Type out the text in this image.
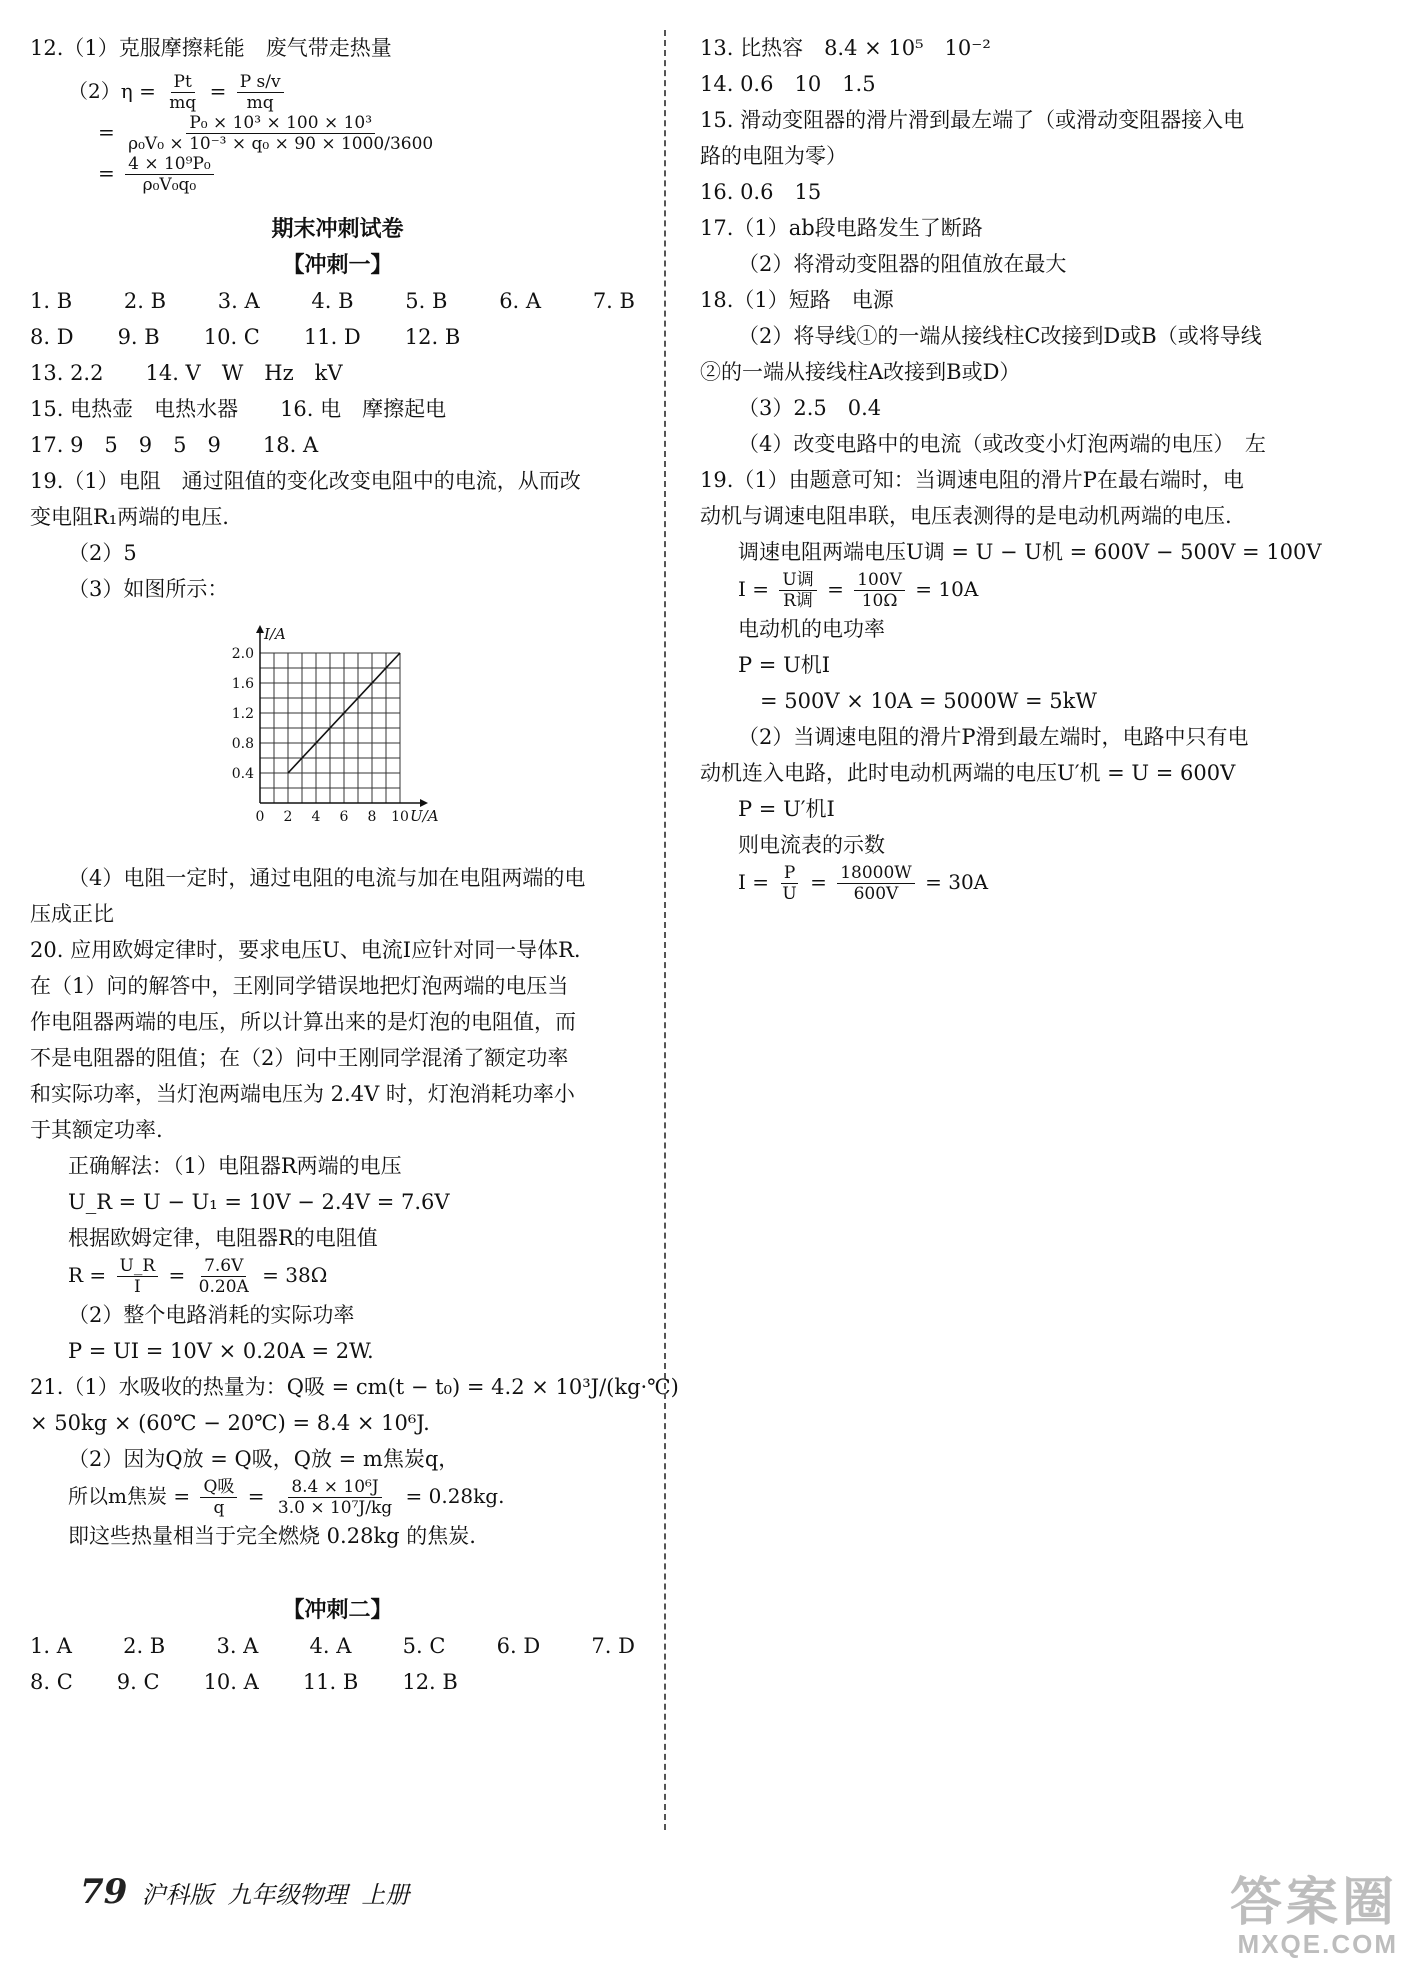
12.（1）克服摩擦耗能　废气带走热量
$(2)\eta = \frac{Pt}{mq} = \frac{\text{P s/v}}{mq}$
= $\frac{\text{P₀ × 10³ × 100 × 10³}}{\text{ρ₀V₀ × 10⁻³ × q₀ × 90 × 1000/3600}}$
= $\frac{\text{4 × 10⁹P₀}}{\text{ρ₀V₀q₀}}$
期末冲刺试卷
【冲刺一】
1. B 2. B 3. A 4. B 5. B 6. A 7. B
8. D 9. B 10. C 11. D 12. B
13. 2.2　　14. V　W　Hz　kV
15. 电热壶　电热水器　　16. 电　摩擦起电
17. 9　5　9　5　9　　18. A
19.（1）电阻　通过阻值的变化改变电阻中的电流，从而改
变电阻R₁两端的电压.
（2）5
（3）如图所示：
0 2 4 6 8 10
0.4
0.8
1.2
1.6
2.0
I/A
U/A
（4）电阻一定时，通过电阻的电流与加在电阻两端的电
压成正比
20. 应用欧姆定律时，要求电压U、电流I应针对同一导体R.
在（1）问的解答中，王刚同学错误地把灯泡两端的电压当
作电阻器两端的电压，所以计算出来的是灯泡的电阻值，而
不是电阻器的阻值；在（2）问中王刚同学混淆了额定功率
和实际功率，当灯泡两端电压为 2.4V 时，灯泡消耗功率小
于其额定功率.
正确解法：（1）电阻器R两端的电压
U_R = U − U₁ = 10V − 2.4V = 7.6V
根据欧姆定律，电阻器R的电阻值
$R = \frac{U\_R}{I} = \frac{7.6V}{0.20A} = 38\Omega$
（2）整个电路消耗的实际功率
P = UI = 10V × 0.20A = 2W.
21.（1）水吸收的热量为：Q吸 = cm(t − t₀) = 4.2 × 10³J/(kg·℃)
× 50kg × (60℃ − 20℃) = 8.4 × 10⁶J.
（2）因为Q放 = Q吸，Q放 = m焦炭q，
所以m焦炭 = $\frac{\text{Q吸}}{q} = \frac{\text{8.4 × 10⁶J}}{\text{3.0 × 10⁷J/kg}} = 0.28kg$.
即这些热量相当于完全燃烧 0.28kg 的焦炭.
【冲刺二】
1. A 2. B 3. A 4. A 5. C 6. D 7. D
8. C 9. C 10. A 11. B 12. B
13. 比热容　8.4 × 10⁵　10⁻²
14. 0.6　10　1.5
15. 滑动变阻器的滑片滑到最左端了（或滑动变阻器接入电
路的电阻为零）
16. 0.6　15
17.（1）ab段电路发生了断路
（2）将滑动变阻器的阻值放在最大
18.（1）短路　电源
（2）将导线①的一端从接线柱C改接到D或B（或将导线
②的一端从接线柱A改接到B或D）
（3）2.5　0.4
（4）改变电路中的电流（或改变小灯泡两端的电压）　左
19.（1）由题意可知：当调速电阻的滑片P在最右端时，电
动机与调速电阻串联，电压表测得的是电动机两端的电压.
调速电阻两端电压U调 = U − U机 = 600V − 500V = 100V
$I = \frac{\text{U调}}{\text{R调}} = \frac{100V}{10\Omega} = 10A$
电动机的电功率
P = U机I
= 500V × 10A = 5000W = 5kW
（2）当调速电阻的滑片P滑到最左端时，电路中只有电
动机连入电路，此时电动机两端的电压U′机 = U = 600V
P = U′机I
则电流表的示数
$I = \frac{P}{U} = \frac{18000W}{600V} = 30A$
79 沪科版 九年级物理 上册	答案圈
MXQE.COM
